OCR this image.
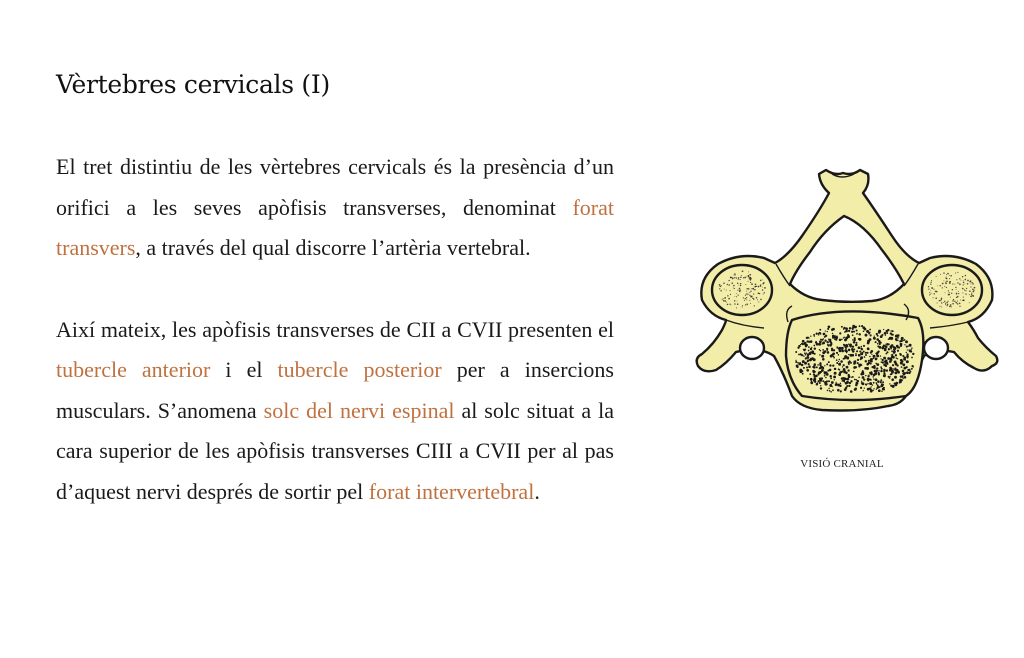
Vèrtebres cervicals (I)

El tret distintiu de les vèrtebres cervicals és la presència d’un orifici a les seves apòfisis transverses, denominat forat transvers, a través del qual discorre l’artèria vertebral.

Així mateix, les apòfisis transverses de CII a CVII presenten el tubercle anterior i el tubercle posterior per a insercions musculars. S’anomena solc del nervi espinal al solc situat a la cara superior de les apòfisis transverses CIII a CVII per al pas d’aquest nervi després de sortir pel forat intervertebral.

VISIÓ CRANIAL
